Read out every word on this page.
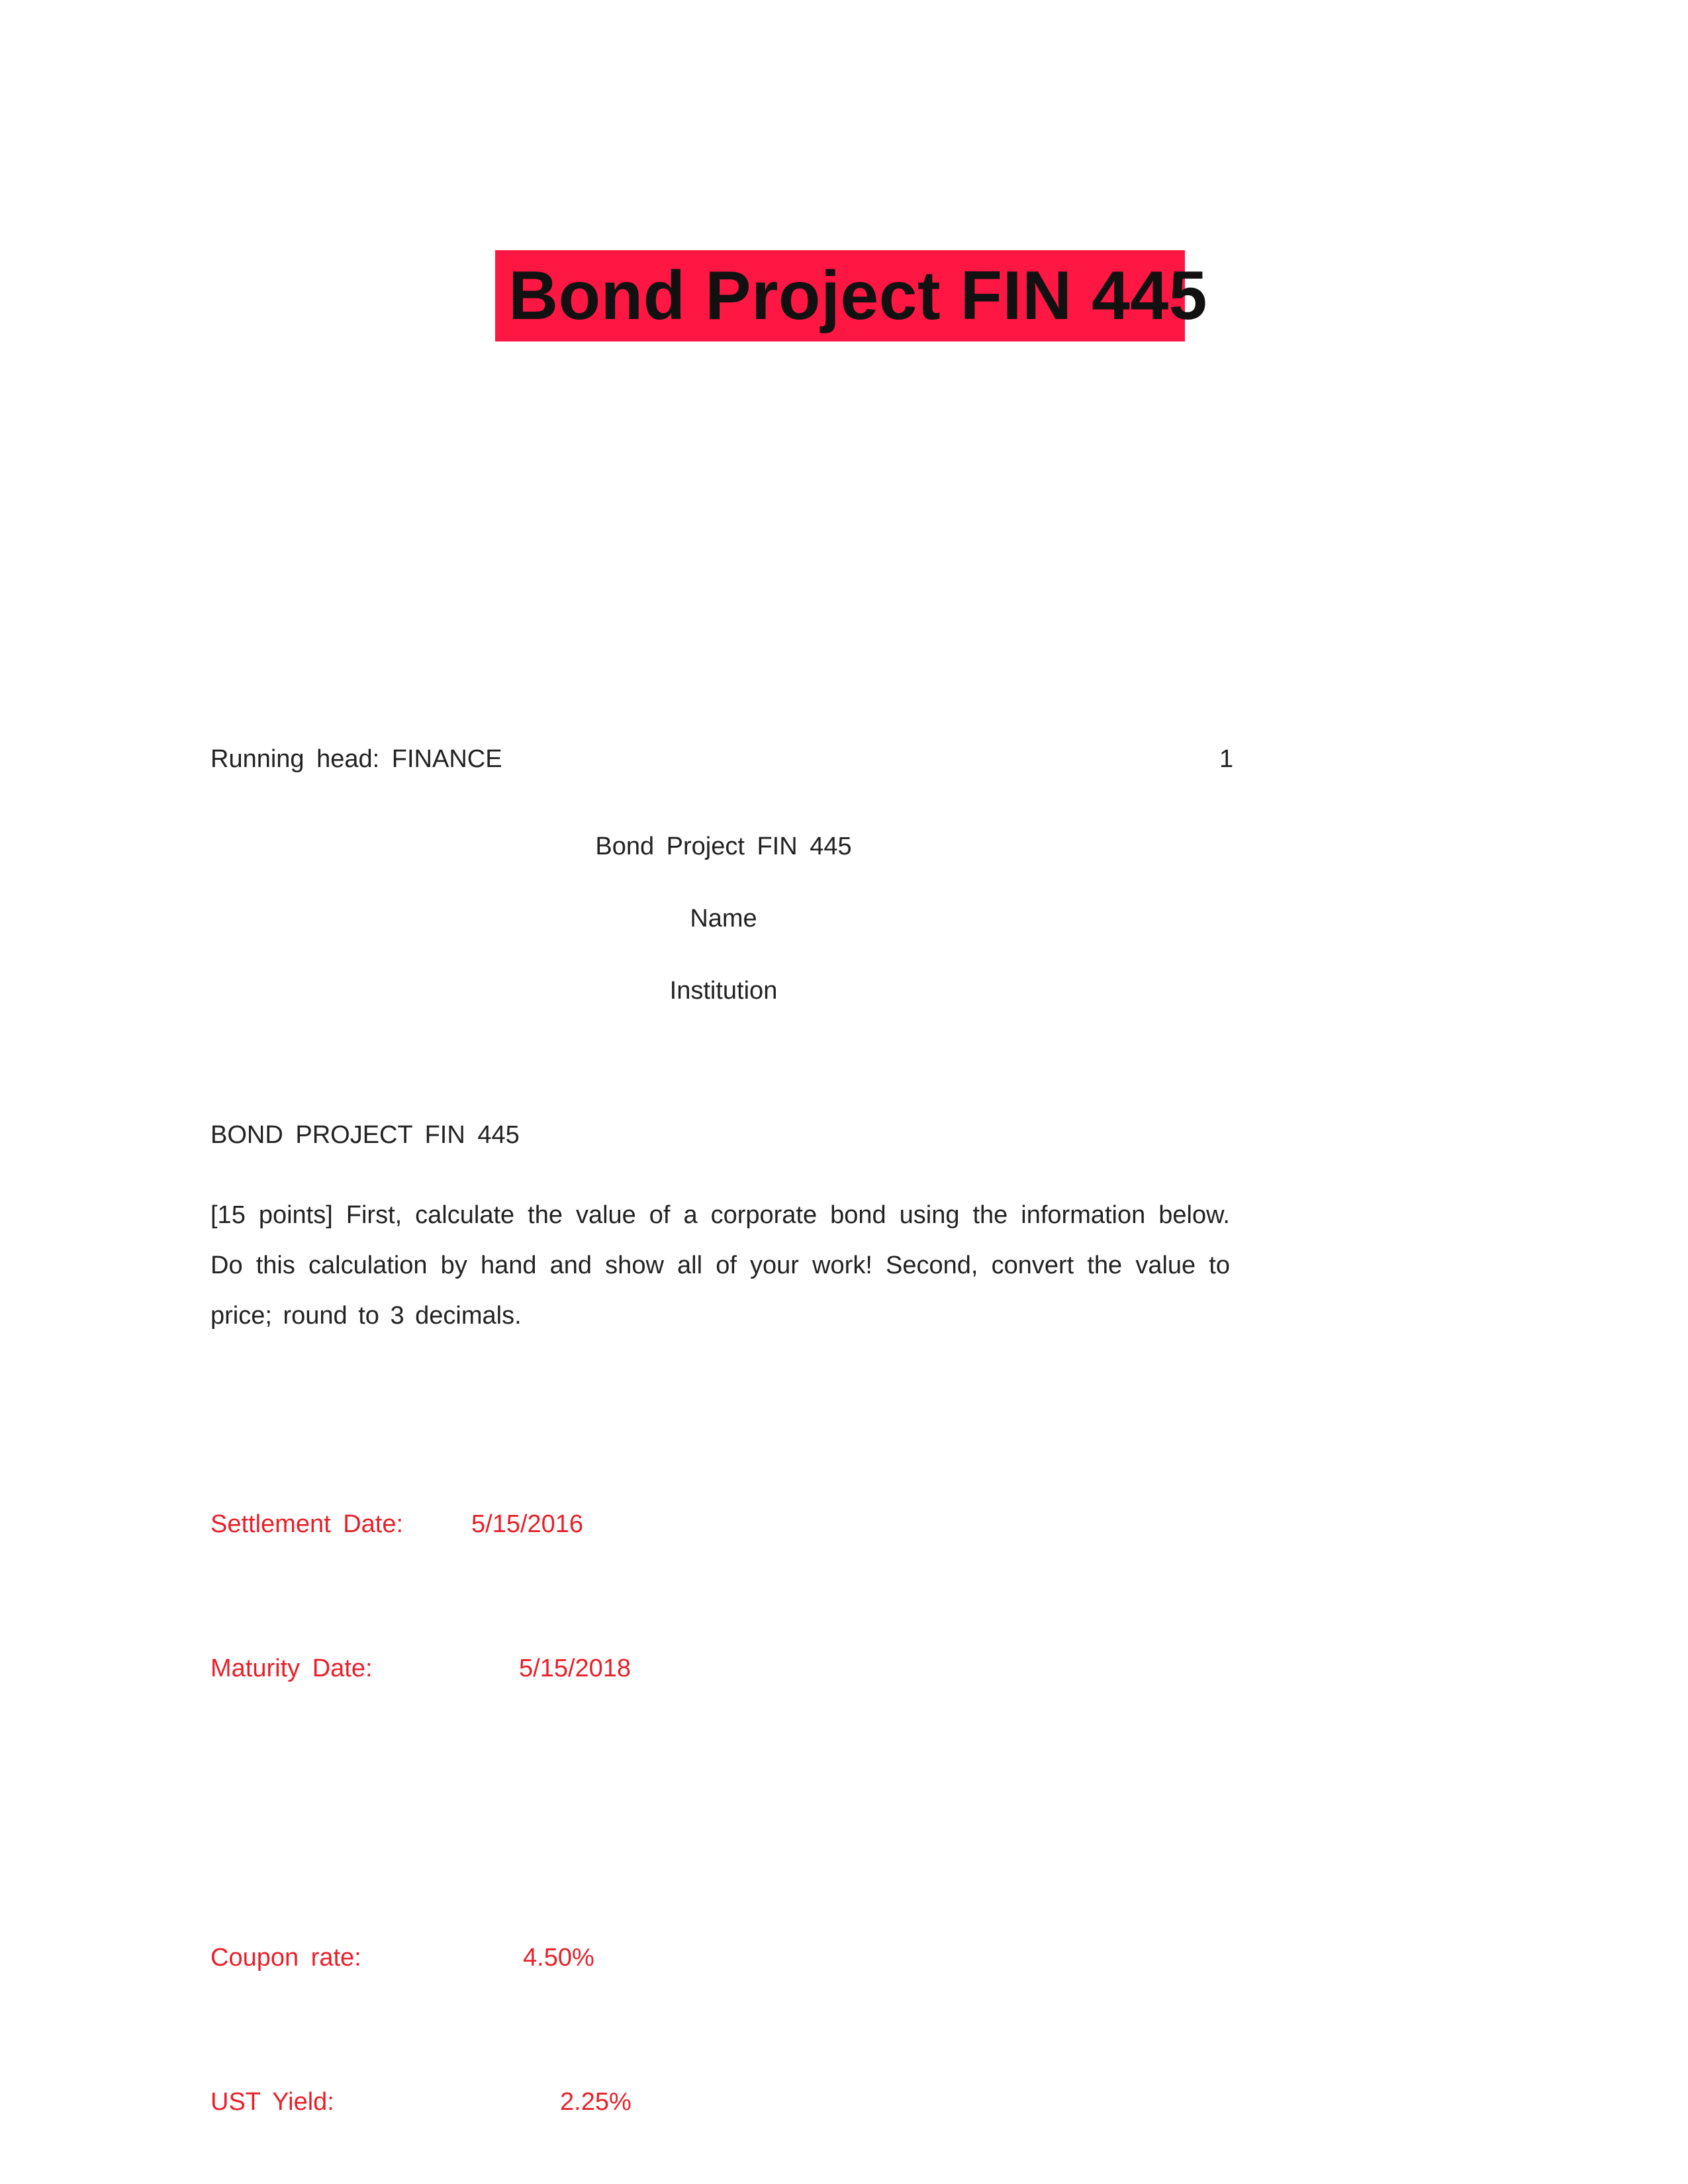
Bond Project FIN 445
Running head: FINANCE	1
Bond Project FIN 445
Name
Institution
BOND PROJECT FIN 445
[15 points] First, calculate the value of a corporate bond using the information below. Do this calculation by hand and show all of your work! Second, convert the value to price; round to 3 decimals.
Settlement Date:	5/15/2016
Maturity Date:	5/15/2018
Coupon rate:	4.50%
UST Yield:	2.25%
